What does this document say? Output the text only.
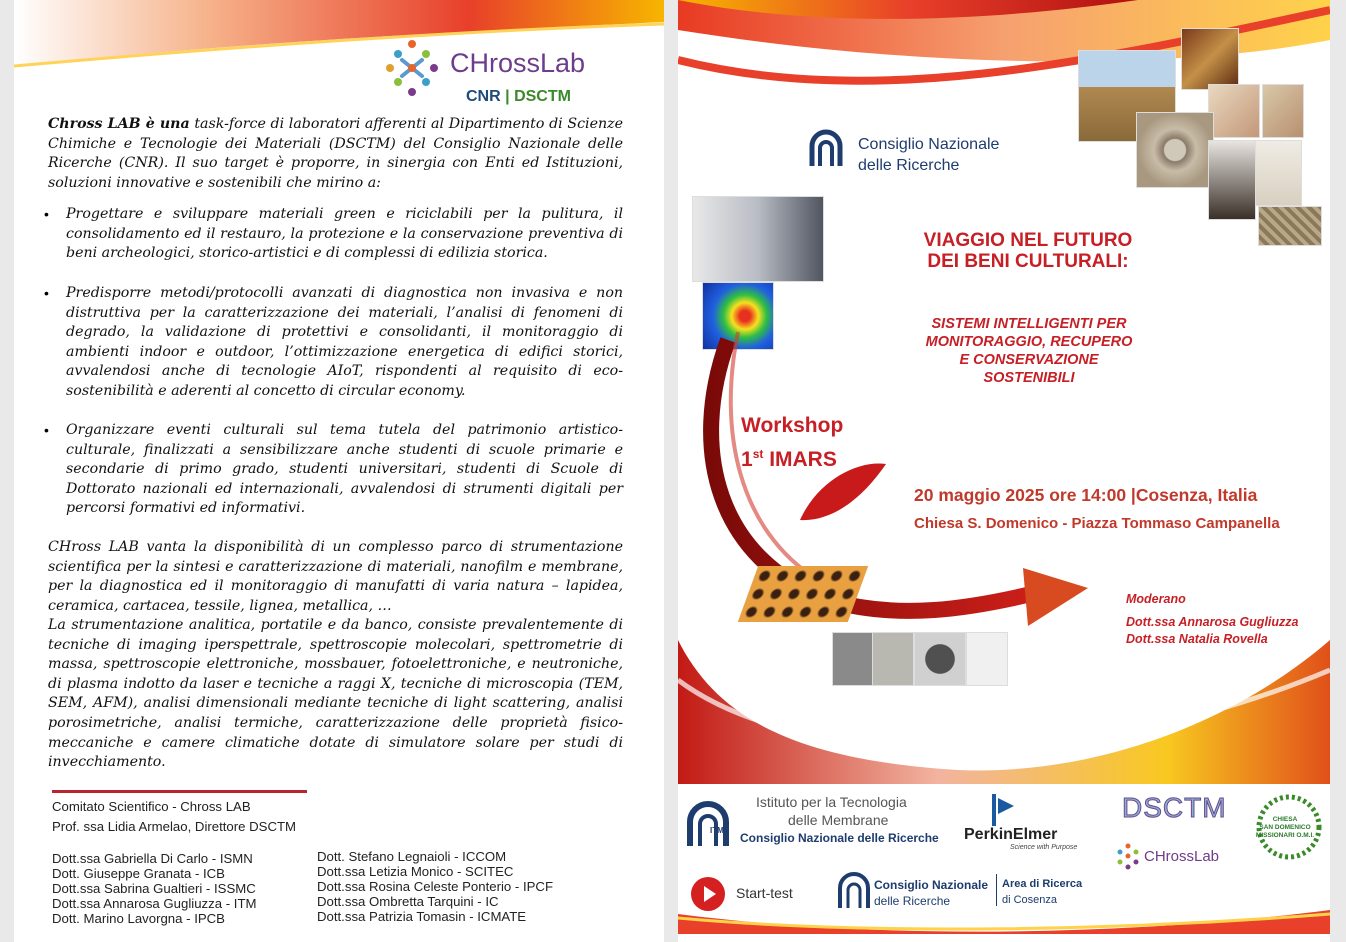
CHrossLab
CNR | DSCTM
Chross LAB è una task-force di laboratori afferenti al Dipartimento di Scienze Chimiche e Tecnologie dei Materiali (DSCTM) del Consiglio Nazionale delle Ricerche (CNR). Il suo target è proporre, in sinergia con Enti ed Istituzioni, soluzioni innovative e sostenibili che mirino a:
• Progettare e sviluppare materiali green e riciclabili per la pulitura, il consolidamento ed il restauro, la protezione e la conservazione preventiva di beni archeologici, storico-artistici e di complessi di edilizia storica.
• Predisporre metodi/protocolli avanzati di diagnostica non invasiva e non distruttiva per la caratterizzazione dei materiali, l’analisi di fenomeni di degrado, la validazione di protettivi e consolidanti, il monitoraggio di ambienti indoor e outdoor, l’ottimizzazione energetica di edifici storici, avvalendosi anche di tecnologie AIoT, rispondenti al requisito di eco-sostenibilità e aderenti al concetto di circular economy.
• Organizzare eventi culturali sul tema tutela del patrimonio artistico-culturale, finalizzati a sensibilizzare anche studenti di scuole primarie e secondarie di primo grado, studenti universitari, studenti di Scuole di Dottorato nazionali ed internazionali, avvalendosi di strumenti digitali per percorsi formativi ed informativi.
CHross LAB vanta la disponibilità di un complesso parco di strumentazione scientifica per la sintesi e caratterizzazione di materiali, nanofilm e membrane, per la diagnostica ed il monitoraggio di manufatti di varia natura – lapidea, ceramica, cartacea, tessile, lignea, metallica, …
La strumentazione analitica, portatile e da banco, consiste prevalentemente di tecniche di imaging iperspettrale, spettroscopie molecolari, spettrometrie di massa, spettroscopie elettroniche, mossbauer, fotoelettroniche, e neutroniche, di plasma indotto da laser e tecniche a raggi X, tecniche di microscopia (TEM, SEM, AFM), analisi dimensionali mediante tecniche di light scattering, analisi porosimetriche, analisi termiche, caratterizzazione delle proprietà fisico-meccaniche e camere climatiche dotate di simulatore solare per studi di invecchiamento.
Comitato Scientifico - Chross LAB
Prof. ssa Lidia Armelao, Direttore DSCTM
Dott.ssa Gabriella Di Carlo - ISMN
Dott. Giuseppe Granata - ICB
Dott.ssa Sabrina Gualtieri - ISSMC
Dott.ssa Annarosa Gugliuzza - ITM
Dott. Marino Lavorgna - IPCB
Dott. Stefano Legnaioli - ICCOM
Dott.ssa Letizia Monico - SCITEC
Dott.ssa Rosina Celeste Ponterio - IPCF
Dott.ssa Ombretta Tarquini - IC
Dott.ssa Patrizia Tomasin - ICMATE
Consiglio Nazionale
delle Ricerche
VIAGGIO NEL FUTURO
DEI BENI CULTURALI:
SISTEMI INTELLIGENTI PER
MONITORAGGIO, RECUPERO
E CONSERVAZIONE
SOSTENIBILI
Workshop
1st IMARS
20 maggio 2025 ore 14:00 |Cosenza, Italia
Chiesa S. Domenico - Piazza Tommaso Campanella
Moderano
Dott.ssa Annarosa Gugliuzza
Dott.ssa Natalia Rovella
ITM
Istituto per la Tecnologia
delle Membrane
Consiglio Nazionale delle Ricerche PerkinElmer
Science with Purpose
DSCTM
CHrossLab
CHIESA
SAN DOMENICO
MISSIONARI O.M.I.
Start-test	Consiglio Nazionale
delle Ricerche
Area di Ricerca
di Cosenza
